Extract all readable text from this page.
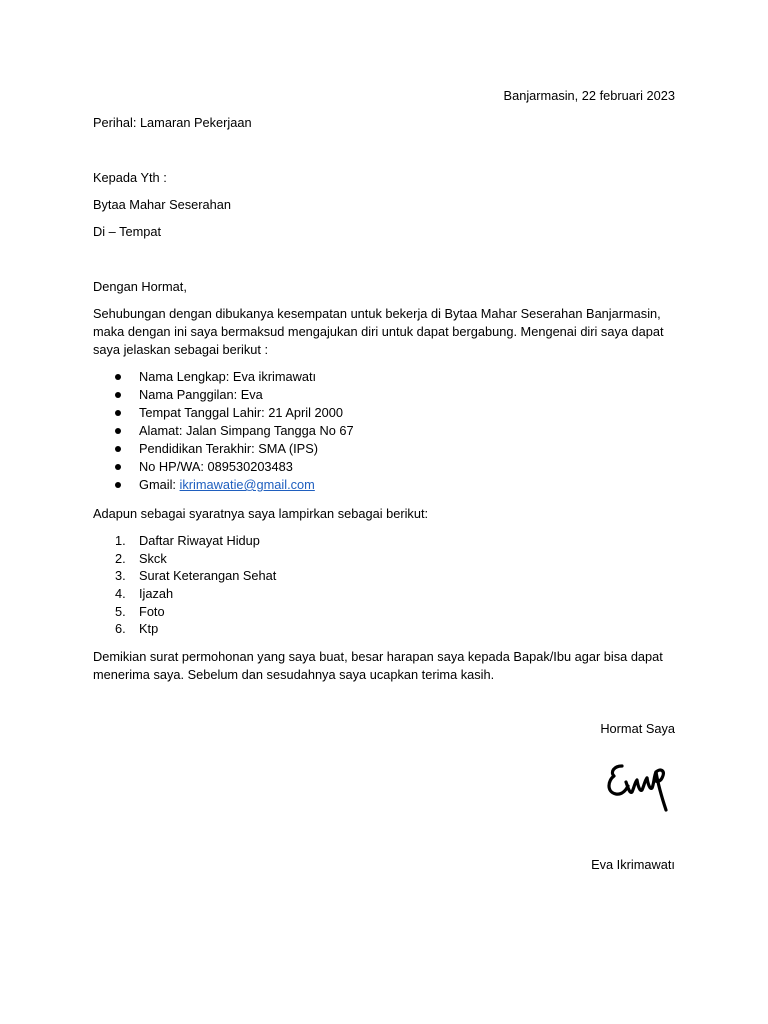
Banjarmasin, 22 februari 2023
Perihal: Lamaran Pekerjaan
Kepada Yth :
Bytaa Mahar Seserahan
Di – Tempat
Dengan Hormat,
Sehubungan dengan dibukanya kesempatan untuk bekerja di Bytaa Mahar Seserahan Banjarmasin, maka dengan ini saya bermaksud mengajukan diri untuk dapat bergabung. Mengenai diri saya dapat saya jelaskan sebagai berikut :
Nama Lengkap: Eva ikrimawatı
Nama Panggilan: Eva
Tempat Tanggal Lahir: 21 April 2000
Alamat: Jalan Simpang Tangga No 67
Pendidikan Terakhir: SMA (IPS)
No HP/WA: 089530203483
Gmail: ikrimawatie@gmail.com
Adapun sebagai syaratnya saya lampirkan sebagai berikut:
1. Daftar Riwayat Hidup
2. Skck
3. Surat Keterangan Sehat
4. Ijazah
5. Foto
6. Ktp
Demikian surat permohonan yang saya buat, besar harapan saya kepada Bapak/Ibu agar bisa dapat menerima saya. Sebelum dan sesudahnya saya ucapkan terima kasih.
Hormat Saya
Eva Ikrimawatı
